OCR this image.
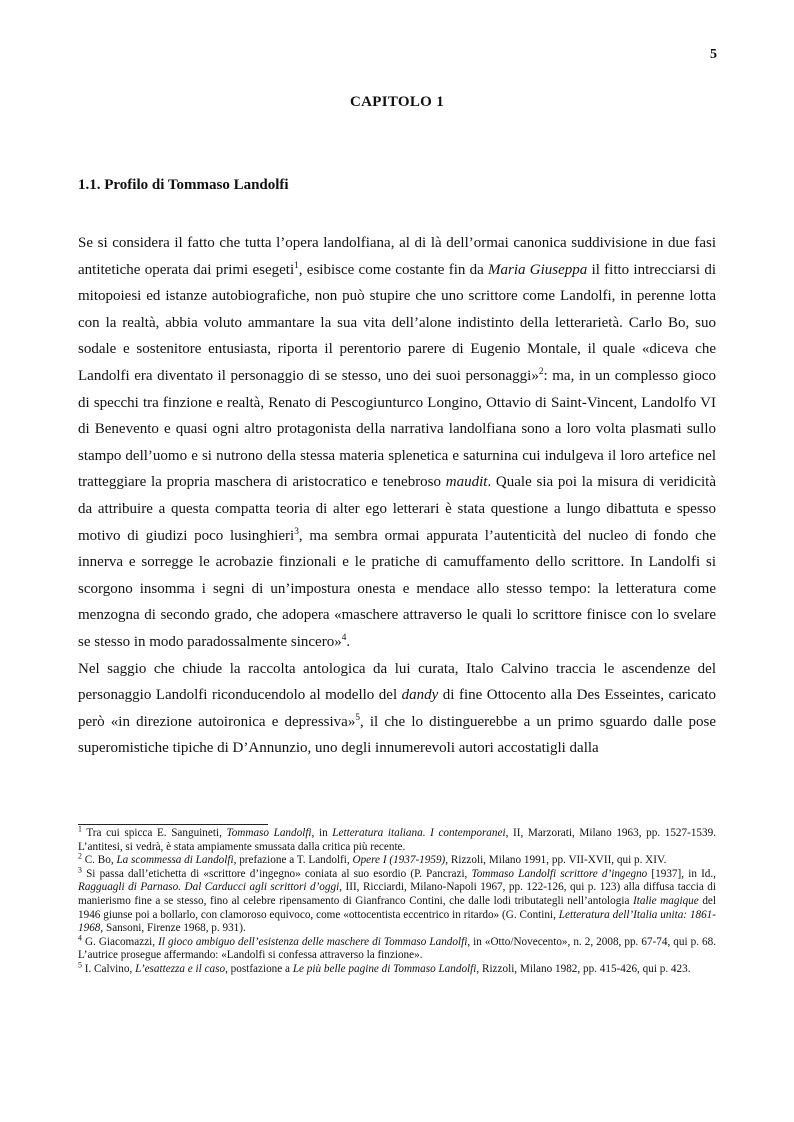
5
CAPITOLO 1
1.1. Profilo di Tommaso Landolfi

Se si considera il fatto che tutta l’opera landolfiana, al di là dell’ormai canonica suddivisione in due fasi antitetiche operata dai primi esegeti$^1$, esibisce come costante fin da Maria Giuseppa il fitto intrecciarsi di mitopoiesi ed istanze autobiografiche, non può stupire che uno scrittore come Landolfi, in perenne lotta con la realtà, abbia voluto ammantare la sua vita dell’alone indistinto della letterarietà. Carlo Bo, suo sodale e sostenitore entusiasta, riporta il perentorio parere di Eugenio Montale, il quale «diceva che Landolfi era diventato il personaggio di se stesso, uno dei suoi personaggi»$^2$: ma, in un complesso gioco di specchi tra finzione e realtà, Renato di Pescogiunturco Longino, Ottavio di Saint-Vincent, Landolfo VI di Benevento e quasi ogni altro protagonista della narrativa landolfiana sono a loro volta plasmati sullo stampo dell’uomo e si nutrono della stessa materia splenetica e saturnina cui indulgeva il loro artefice nel tratteggiare la propria maschera di aristocratico e tenebroso maudit. Quale sia poi la misura di veridicità da attribuire a questa compatta teoria di alter ego letterari è stata questione a lungo dibattuta e spesso motivo di giudizi poco lusinghieri$^3$, ma sembra ormai appurata l’autenticità del nucleo di fondo che innerva e sorregge le acrobazie finzionali e le pratiche di camuffamento dello scrittore. In Landolfi si scorgono insomma i segni di un’impostura onesta e mendace allo stesso tempo: la letteratura come menzogna di secondo grado, che adopera «maschere attraverso le quali lo scrittore finisce con lo svelare se stesso in modo paradossalmente sincero»$^4$.

Nel saggio che chiude la raccolta antologica da lui curata, Italo Calvino traccia le ascendenze del personaggio Landolfi riconducendolo al modello del dandy di fine Ottocento alla Des Esseintes, caricato però «in direzione autoironica e depressiva»$^5$, il che lo distinguerebbe a un primo sguardo dalle pose superomistiche tipiche di D’Annunzio, uno degli innumerevoli autori accostatigli dalla

$^1$ Tra cui spicca E. Sanguineti, Tommaso Landolfi, in Letteratura italiana. I contemporanei, II, Marzorati, Milano 1963, pp. 1527-1539. L’antitesi, si vedrà, è stata ampiamente smussata dalla critica più recente.

$^2$ C. Bo, La scommessa di Landolfi, prefazione a T. Landolfi, Opere I (1937-1959), Rizzoli, Milano 1991, pp. VII-XVII, qui p. XIV.

$^3$ Si passa dall’etichetta di «scrittore d’ingegno» coniata al suo esordio (P. Pancrazi, Tommaso Landolfi scrittore d’ingegno [1937], in Id., Ragguagli di Parnaso. Dal Carducci agli scrittori d’oggi, III, Ricciardi, Milano-Napoli 1967, pp. 122-126, qui p. 123) alla diffusa taccia di manierismo fine a se stesso, fino al celebre ripensamento di Gianfranco Contini, che dalle lodi tributategli nell’antologia Italie magique del 1946 giunse poi a bollarlo, con clamoroso equivoco, come «ottocentista eccentrico in ritardo» (G. Contini, Letteratura dell’Italia unita: 1861-1968, Sansoni, Firenze 1968, p. 931).

$^4$ G. Giacomazzi, Il gioco ambiguo dell’esistenza delle maschere di Tommaso Landolfi, in «Otto/Novecento», n. 2, 2008, pp. 67-74, qui p. 68. L’autrice prosegue affermando: «Landolfi si confessa attraverso la finzione».

$^5$ I. Calvino, L’esattezza e il caso, postfazione a Le più belle pagine di Tommaso Landolfi, Rizzoli, Milano 1982, pp. 415-426, qui p. 423.
